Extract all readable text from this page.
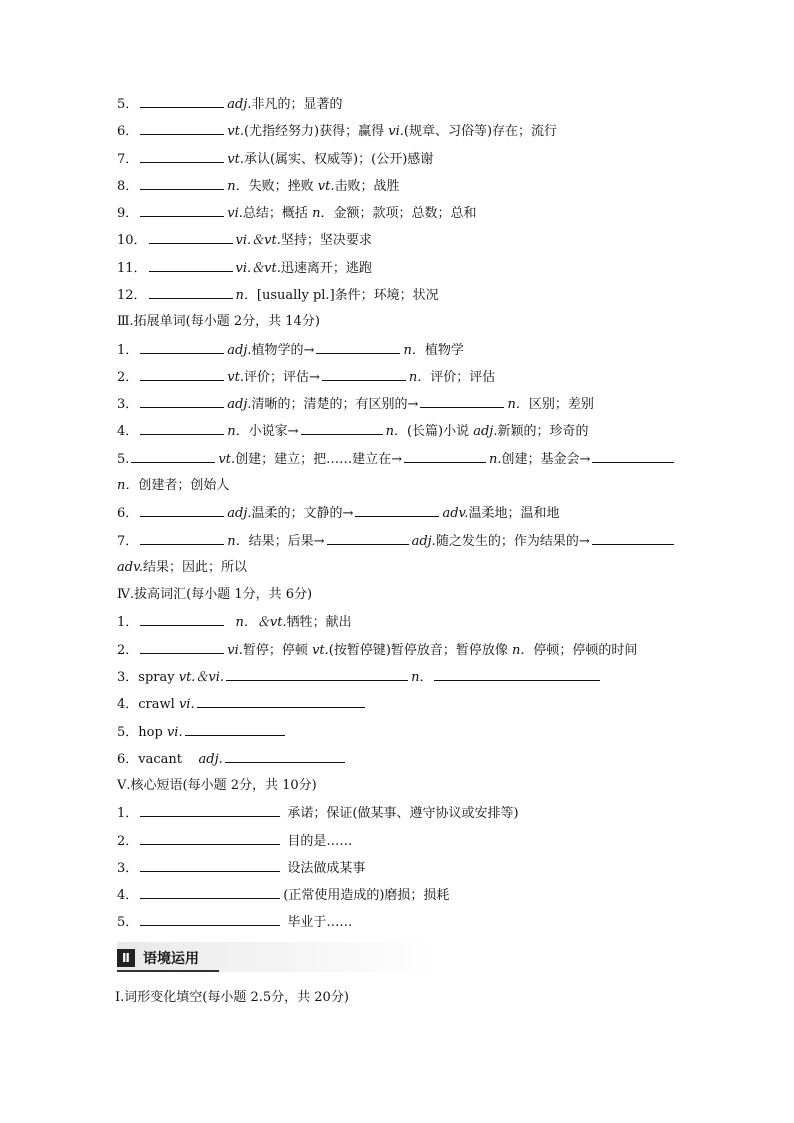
5．	adj.非凡的；显著的
6．	vt.(尤指经努力)获得；赢得 vi.(规章、习俗等)存在；流行
7．	vt.承认(属实、权威等)；(公开)感谢
8．	n．失败；挫败 vt.击败；战胜
9．	vi.总结；概括 n．金额；款项；总数；总和
10．	vi.＆vt.坚持；坚决要求
11．	vi.＆vt.迅速离开；逃跑
12．	n．[usually pl.]条件；环境；状况
Ⅲ.拓展单词(每小题 2分，共 14分)
1．	adj.植物学的→	n．植物学
2．	vt.评价；评估→	n．评价；评估
3．	adj.清晰的；清楚的；有区别的→	n．区别；差别
4．	n．小说家→	n．(长篇)小说 adj.新颖的；珍奇的
5.	vt.创建；建立；把……建立在→	n.创建；基金会→
n．创建者；创始人
6．	adj.温柔的；文静的→	adv.温柔地；温和地
7．	n．结果；后果→	adj.随之发生的；作为结果的→
adv.结果；因此；所以
Ⅳ.拔高词汇(每小题 1分，共 6分)
1．	n．＆vt.牺牲；献出
2．	vi.暂停；停顿 vt.(按暂停键)暂停放音；暂停放像 n．停顿；停顿的时间
3．spray vt.＆vi.	n．
4．crawl vi.
5．hop vi.
6．vacant    adj.
Ⅴ.核心短语(每小题 2分，共 10分)
1．	承诺；保证(做某事、遵守协议或安排等)
2．	目的是……
3．	设法做成某事
4．	(正常使用造成的)磨损；损耗
5．	毕业于……
Ⅱ 语境运用
Ⅰ.词形变化填空(每小题 2.5分，共 20分)
